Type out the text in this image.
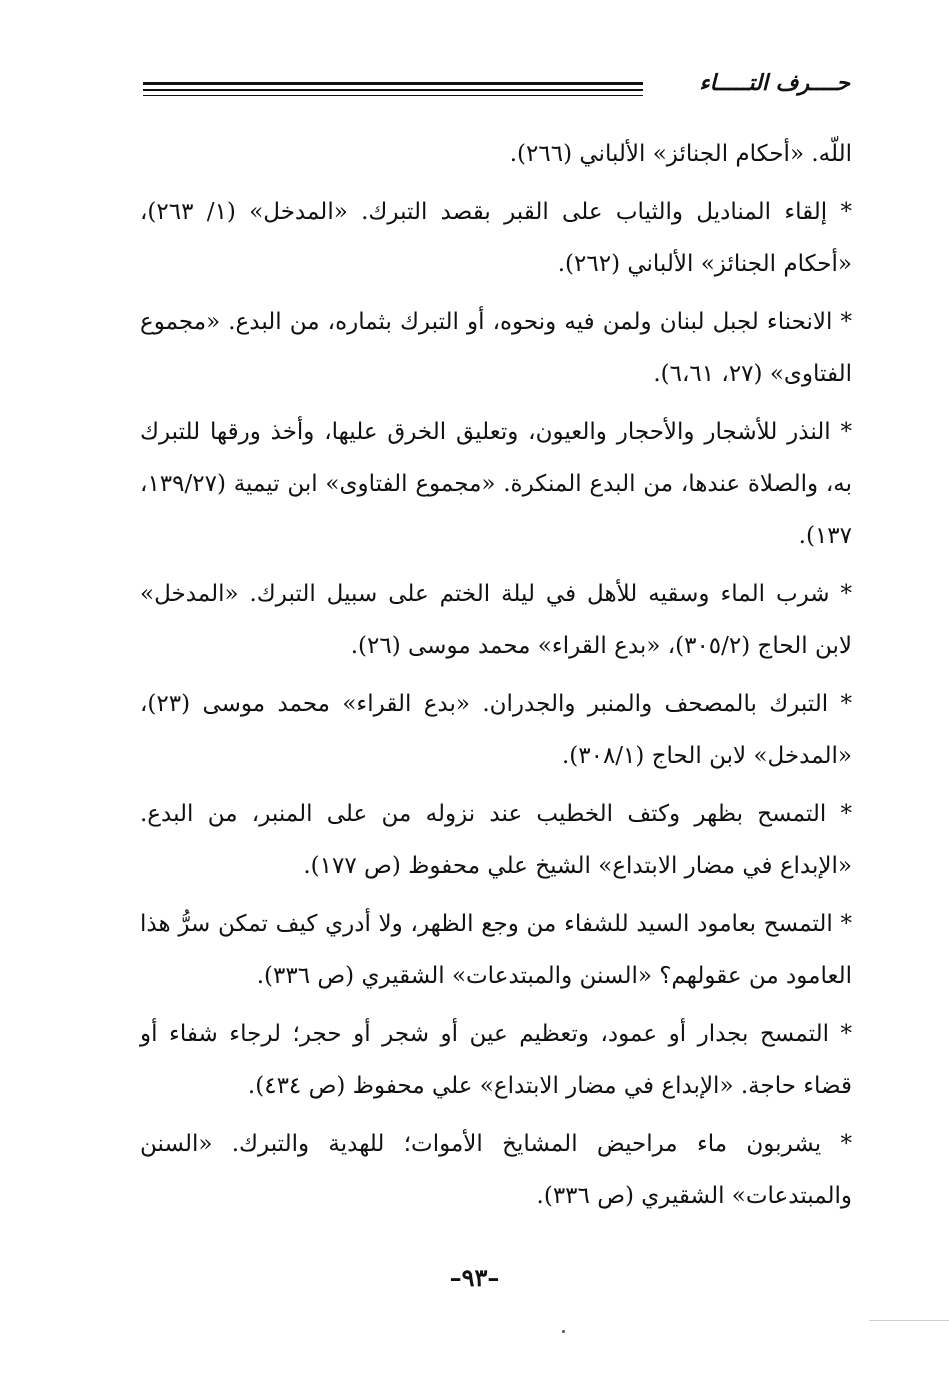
حــــرف التـــــاء

اللّه. «أحكام الجنائز» الألباني (٢٦٦).

* إلقاء المناديل والثياب على القبر بقصد التبرك. «المدخل» (١/ ٢٦٣)، «أحكام الجنائز» الألباني (٢٦٢).

* الانحناء لجبل لبنان ولمن فيه ونحوه، أو التبرك بثماره، من البدع. «مجموع الفتاوى» (٢٧، ٦،٦١).

* النذر للأشجار والأحجار والعيون، وتعليق الخرق عليها، وأخذ ورقها للتبرك به، والصلاة عندها، من البدع المنكرة. «مجموع الفتاوى» ابن تيمية (١٣٩/٢٧، ١٣٧).

* شرب الماء وسقيه للأهل في ليلة الختم على سبيل التبرك. «المدخل» لابن الحاج (٣٠٥/٢)، «بدع القراء» محمد موسى (٢٦).

* التبرك بالمصحف والمنبر والجدران. «بدع القراء» محمد موسى (٢٣)، «المدخل» لابن الحاج (٣٠٨/١).

* التمسح بظهر وكتف الخطيب عند نزوله من على المنبر، من البدع. «الإبداع في مضار الابتداع» الشيخ علي محفوظ (ص ١٧٧).

* التمسح بعامود السيد للشفاء من وجع الظهر، ولا أدري كيف تمكن سرُّ هذا العامود من عقولهم؟ «السنن والمبتدعات» الشقيري (ص ٣٣٦).

* التمسح بجدار أو عمود، وتعظيم عين أو شجر أو حجر؛ لرجاء شفاء أو قضاء حاجة. «الإبداع في مضار الابتداع» علي محفوظ (ص ٤٣٤).

* يشربون ماء مراحيض المشايخ الأموات؛ للهدية والتبرك. «السنن والمبتدعات» الشقيري (ص ٣٣٦).

–٩٣–
